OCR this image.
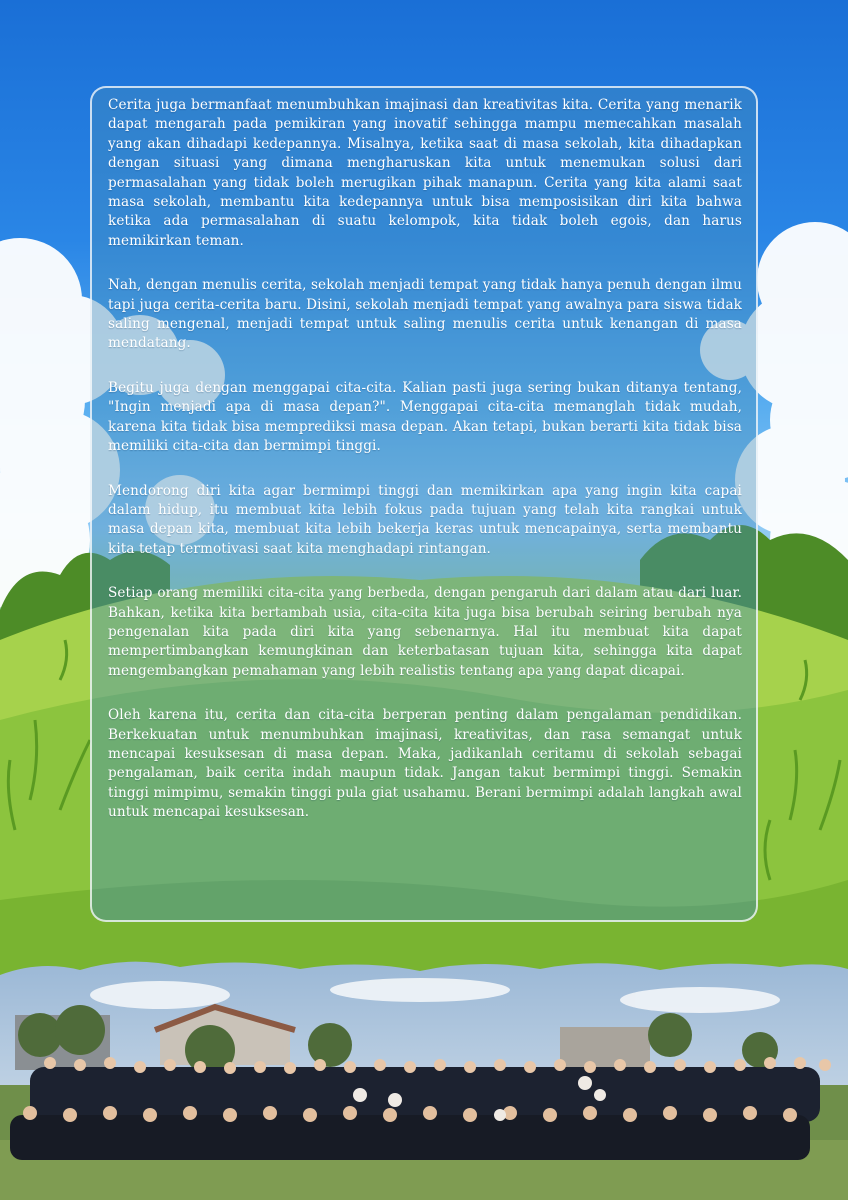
Cerita juga bermanfaat menumbuhkan imajinasi dan kreativitas kita. Cerita yang menarik dapat mengarah pada pemikiran yang inovatif sehingga mampu memecahkan masalah yang akan dihadapi kedepannya. Misalnya, ketika saat di masa sekolah, kita dihadapkan dengan situasi yang dimana mengharuskan kita untuk menemukan solusi dari permasalahan yang tidak boleh merugikan pihak manapun. Cerita yang kita alami saat masa sekolah, membantu kita kedepannya untuk bisa memposisikan diri kita bahwa ketika ada permasalahan di suatu kelompok, kita tidak boleh egois, dan harus memikirkan teman.

Nah, dengan menulis cerita, sekolah menjadi tempat yang tidak hanya penuh dengan ilmu tapi juga cerita-cerita baru. Disini, sekolah menjadi tempat yang awalnya para siswa tidak saling mengenal, menjadi tempat untuk saling menulis cerita untuk kenangan di masa mendatang.

Begitu juga dengan menggapai cita-cita. Kalian pasti juga sering bukan ditanya tentang, "Ingin menjadi apa di masa depan?". Menggapai cita-cita memanglah tidak mudah, karena kita tidak bisa memprediksi masa depan. Akan tetapi, bukan berarti kita tidak bisa memiliki cita-cita dan bermimpi tinggi.

Mendorong diri kita agar bermimpi tinggi dan memikirkan apa yang ingin kita capai dalam hidup, itu membuat kita lebih fokus pada tujuan yang telah kita rangkai untuk masa depan kita, membuat kita lebih bekerja keras untuk mencapainya, serta membantu kita tetap termotivasi saat kita menghadapi rintangan.

Setiap orang memiliki cita-cita yang berbeda, dengan pengaruh dari dalam atau dari luar. Bahkan, ketika kita bertambah usia, cita-cita kita juga bisa berubah seiring berubah nya pengenalan kita pada diri kita yang sebenarnya. Hal itu membuat kita dapat mempertimbangkan kemungkinan dan keterbatasan tujuan kita, sehingga kita dapat mengembangkan pemahaman yang lebih realistis tentang apa yang dapat dicapai.

Oleh karena itu, cerita dan cita-cita berperan penting dalam pengalaman pendidikan. Berkekuatan untuk menumbuhkan imajinasi, kreativitas, dan rasa semangat untuk mencapai kesuksesan di masa depan. Maka, jadikanlah ceritamu di sekolah sebagai pengalaman, baik cerita indah maupun tidak. Jangan takut bermimpi tinggi. Semakin tinggi mimpimu, semakin tinggi pula giat usahamu. Berani bermimpi adalah langkah awal untuk mencapai kesuksesan.
